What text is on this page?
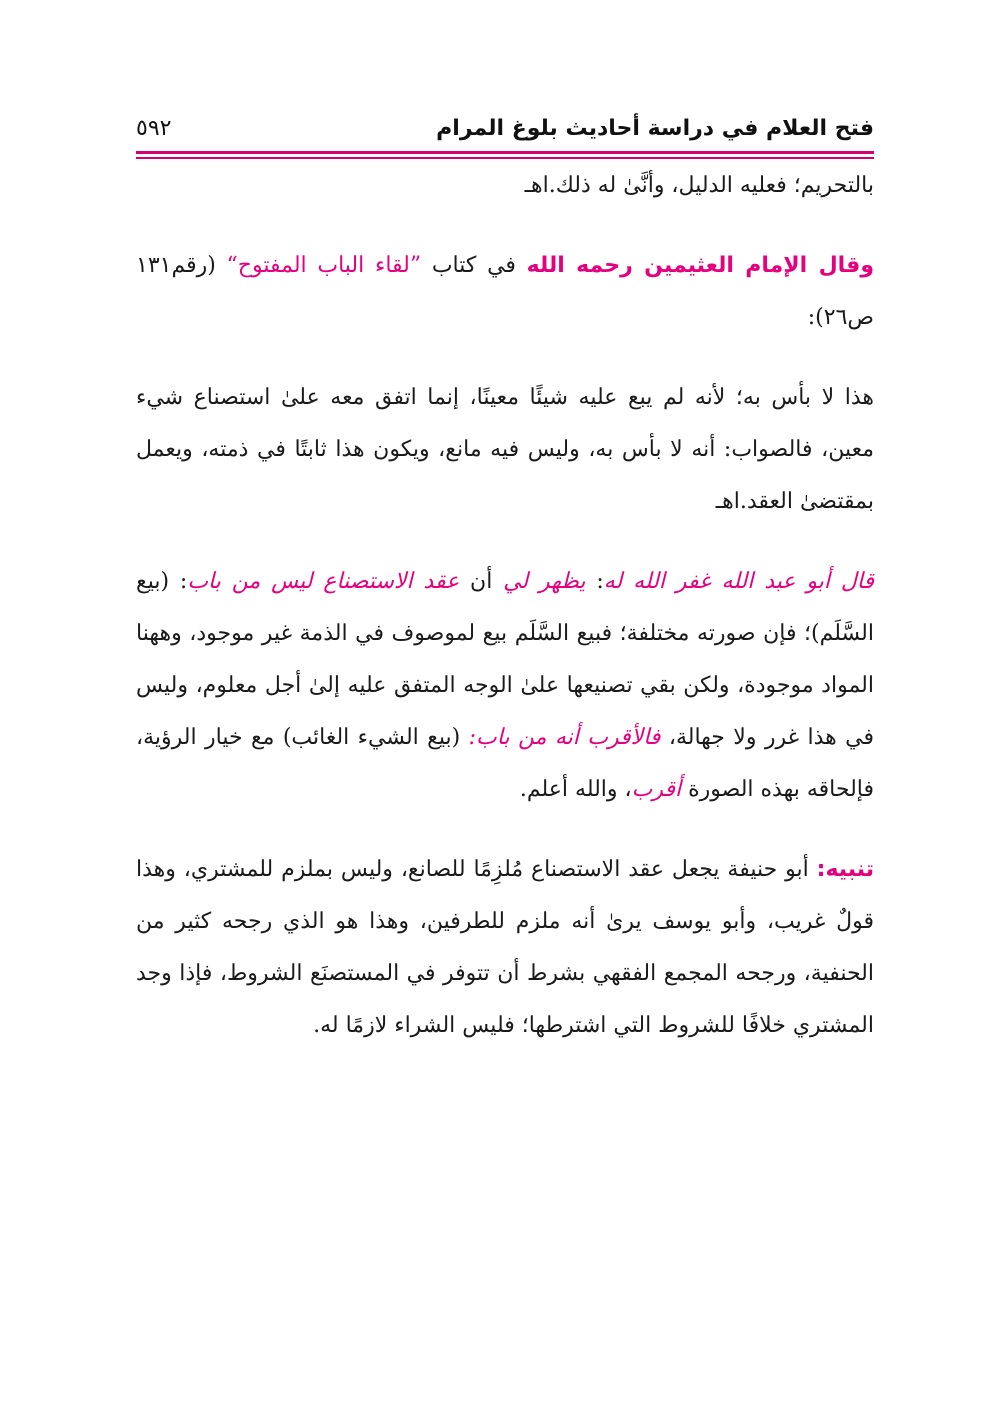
فتح العلام في دراسة أحاديث بلوغ المرام
٥٩٢

بالتحريم؛ فعليه الدليل، وأنَّىٰ له ذلك.اهـ

وقال الإمام العثيمين رحمه الله في كتاب ”لقاء الباب المفتوح“ (رقم١٣١ ص٢٦):

هذا لا بأس به؛ لأنه لم يبع عليه شيئًا معينًا، إنما اتفق معه علىٰ استصناع شيء معين، فالصواب: أنه لا بأس به، وليس فيه مانع، ويكون هذا ثابتًا في ذمته، ويعمل بمقتضىٰ العقد.اهـ

قال أبو عبد الله غفر الله له: يظهر لي أن عقد الاستصناع ليس من باب: (بيع السَّلَم)؛ فإن صورته مختلفة؛ فبيع السَّلَم بيع لموصوف في الذمة غير موجود، وههنا المواد موجودة، ولكن بقي تصنيعها علىٰ الوجه المتفق عليه إلىٰ أجل معلوم، وليس في هذا غرر ولا جهالة، فالأقرب أنه من باب: (بيع الشيء الغائب) مع خيار الرؤية، فإلحاقه بهذه الصورة أقرب، والله أعلم.

تنبيه: أبو حنيفة يجعل عقد الاستصناع مُلزِمًا للصانع، وليس بملزم للمشتري، وهذا قولٌ غريب، وأبو يوسف يرىٰ أنه ملزم للطرفين، وهذا هو الذي رجحه كثير من الحنفية، ورجحه المجمع الفقهي بشرط أن تتوفر في المستصنَع الشروط، فإذا وجد المشتري خلافًا للشروط التي اشترطها؛ فليس الشراء لازمًا له.
